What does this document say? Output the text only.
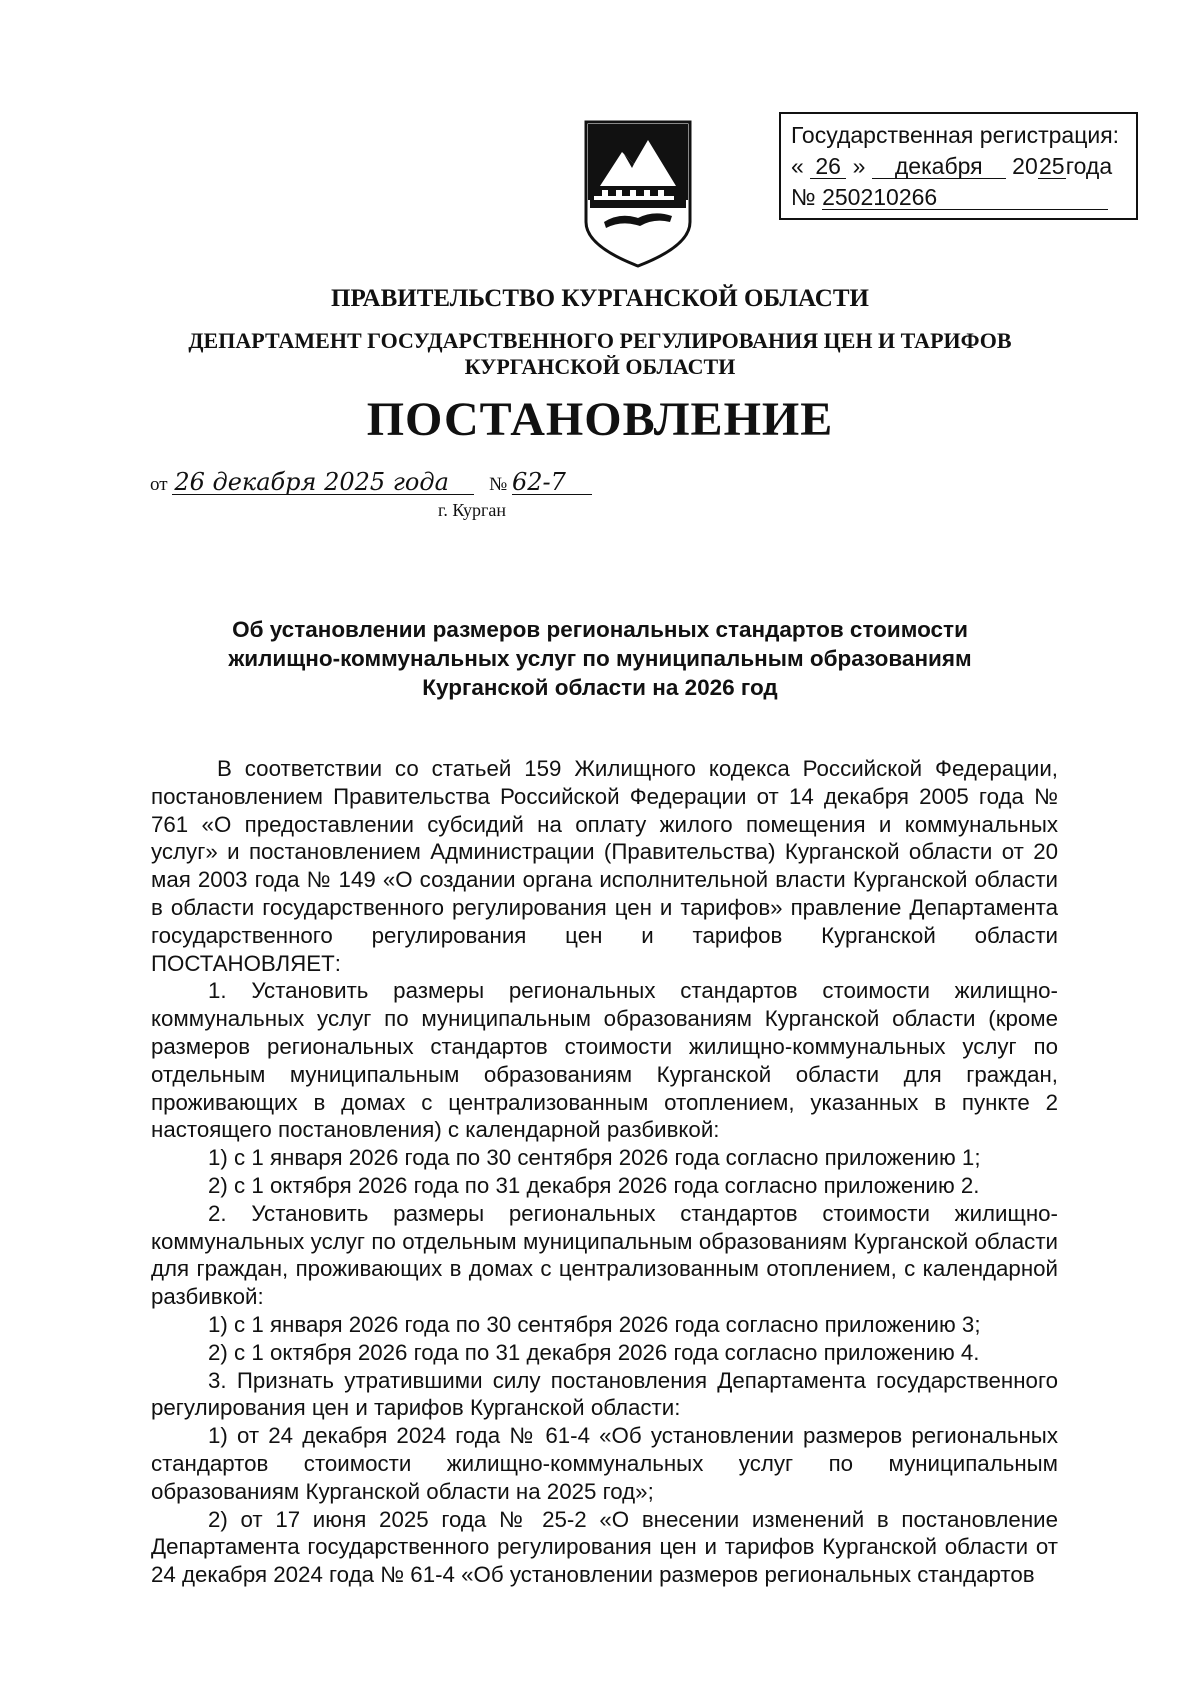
Государственная регистрация:
« 26 » декабря 2025года
№ 250210266
ПРАВИТЕЛЬСТВО КУРГАНСКОЙ ОБЛАСТИ
ДЕПАРТАМЕНТ ГОСУДАРСТВЕННОГО РЕГУЛИРОВАНИЯ ЦЕН И ТАРИФОВ
КУРГАНСКОЙ ОБЛАСТИ
ПОСТАНОВЛЕНИЕ
от 26 декабря 2025 года № 62-7
г. Курган
Об установлении размеров региональных стандартов стоимости
жилищно-коммунальных услуг по муниципальным образованиям
Курганской области на 2026 год

В соответствии со статьей 159 Жилищного кодекса Российской Федерации, постановлением Правительства Российской Федерации от 14 декабря 2005 года № 761 «О предоставлении субсидий на оплату жилого помещения и коммунальных услуг» и постановлением Администрации (Правительства) Курганской области от 20 мая 2003 года № 149 «О создании органа исполнительной власти Курганской области в области государственного регулирования цен и тарифов» правление Департамента государственного регулирования цен и тарифов Курганской области ПОСТАНОВЛЯЕТ:

1. Установить размеры региональных стандартов стоимости жилищно-коммунальных услуг по муниципальным образованиям Курганской области (кроме размеров региональных стандартов стоимости жилищно-коммунальных услуг по отдельным муниципальным образованиям Курганской области для граждан, проживающих в домах с централизованным отоплением, указанных в пункте 2 настоящего постановления) с календарной разбивкой:

1) с 1 января 2026 года по 30 сентября 2026 года согласно приложению 1;

2) с 1 октября 2026 года по 31 декабря 2026 года согласно приложению 2.

2. Установить размеры региональных стандартов стоимости жилищно-коммунальных услуг по отдельным муниципальным образованиям Курганской области для граждан, проживающих в домах с централизованным отоплением, с календарной разбивкой:

1) с 1 января 2026 года по 30 сентября 2026 года согласно приложению 3;

2) с 1 октября 2026 года по 31 декабря 2026 года согласно приложению 4.

3. Признать утратившими силу постановления Департамента государственного регулирования цен и тарифов Курганской области:

1) от 24 декабря 2024 года № 61-4 «Об установлении размеров региональных стандартов стоимости жилищно-коммунальных услуг по муниципальным образованиям Курганской области на 2025 год»;

2) от 17 июня 2025 года № 25-2 «О внесении изменений в постановление Департамента государственного регулирования цен и тарифов Курганской области от 24 декабря 2024 года № 61-4 «Об установлении размеров региональных стандартов
